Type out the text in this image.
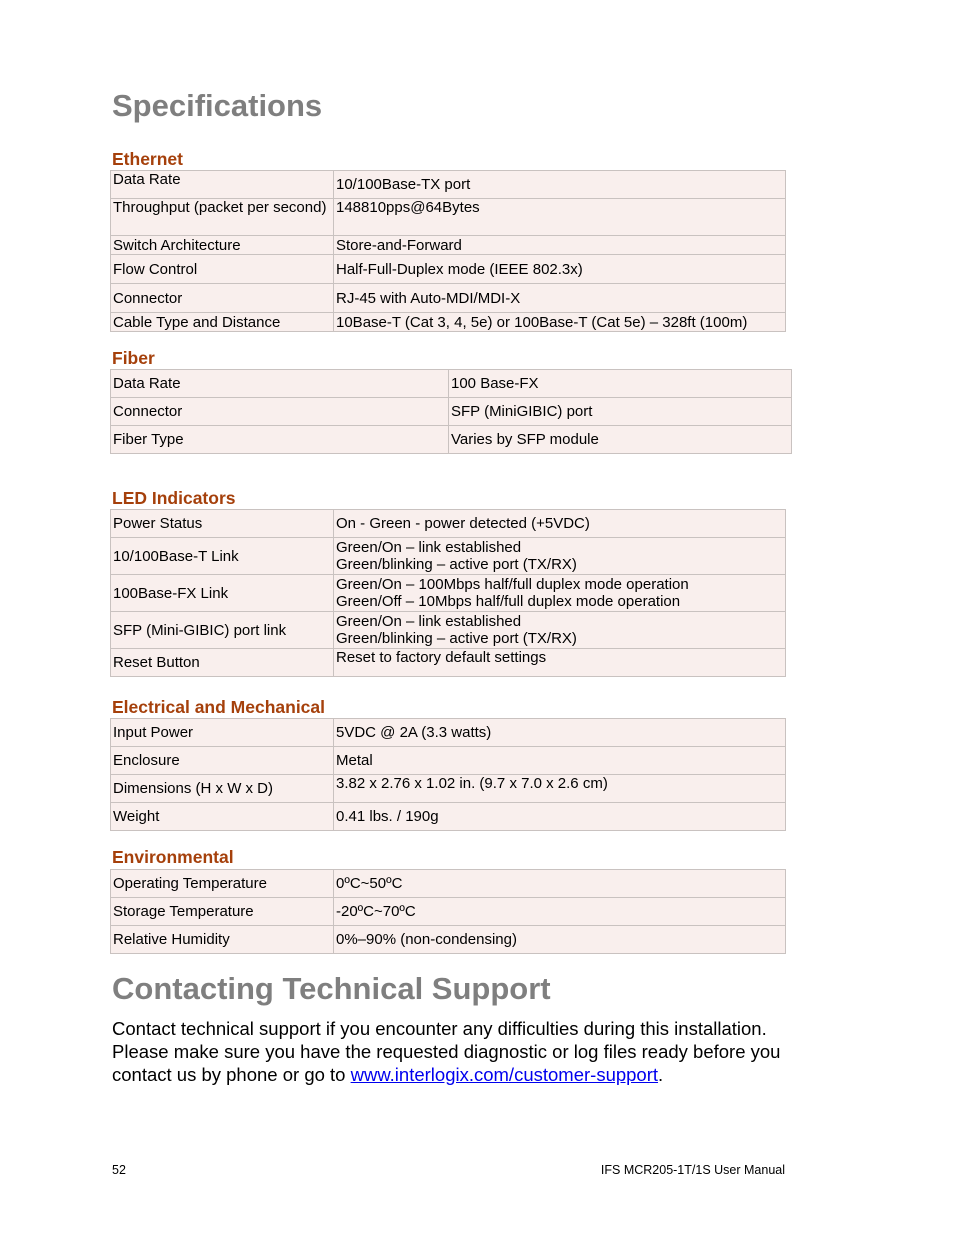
Specifications
Ethernet
Data Rate	10/100Base-TX port
Throughput (packet per second)	148810pps@64Bytes
Switch Architecture	Store-and-Forward
Flow Control	Half-Full-Duplex mode (IEEE 802.3x)
Connector	RJ-45 with Auto-MDI/MDI-X
Cable Type and Distance	10Base-T (Cat 3, 4, 5e) or 100Base-T (Cat 5e) – 328ft (100m)
Fiber
Data Rate	100 Base-FX
Connector	SFP (MiniGIBIC) port
Fiber Type	Varies by SFP module
LED Indicators
Power Status	On - Green - power detected (+5VDC)
10/100Base-T Link	Green/On – link established
Green/blinking – active port (TX/RX)

100Base-FX Link	Green/On – 100Mbps half/full duplex mode operation
Green/Off – 10Mbps half/full duplex mode operation

SFP (Mini-GIBIC) port link	Green/On – link established
Green/blinking – active port (TX/RX)

Reset Button	Reset to factory default settings
Electrical and Mechanical
Input Power	5VDC @ 2A (3.3 watts)
Enclosure	Metal
Dimensions (H x W x D)	3.82 x 2.76 x 1.02 in. (9.7 x 7.0 x 2.6 cm)
Weight	0.41 lbs. / 190g
Environmental
Operating Temperature	0ºC~50ºC
Storage Temperature	-20ºC~70ºC
Relative Humidity	0%–90% (non-condensing)
Contacting Technical Support

Contact technical support if you encounter any difficulties during this installation. Please make sure you have the requested diagnostic or log files ready before you contact us by phone or go to www.interlogix.com/customer-support.

52	IFS MCR205-1T/1S User Manual
